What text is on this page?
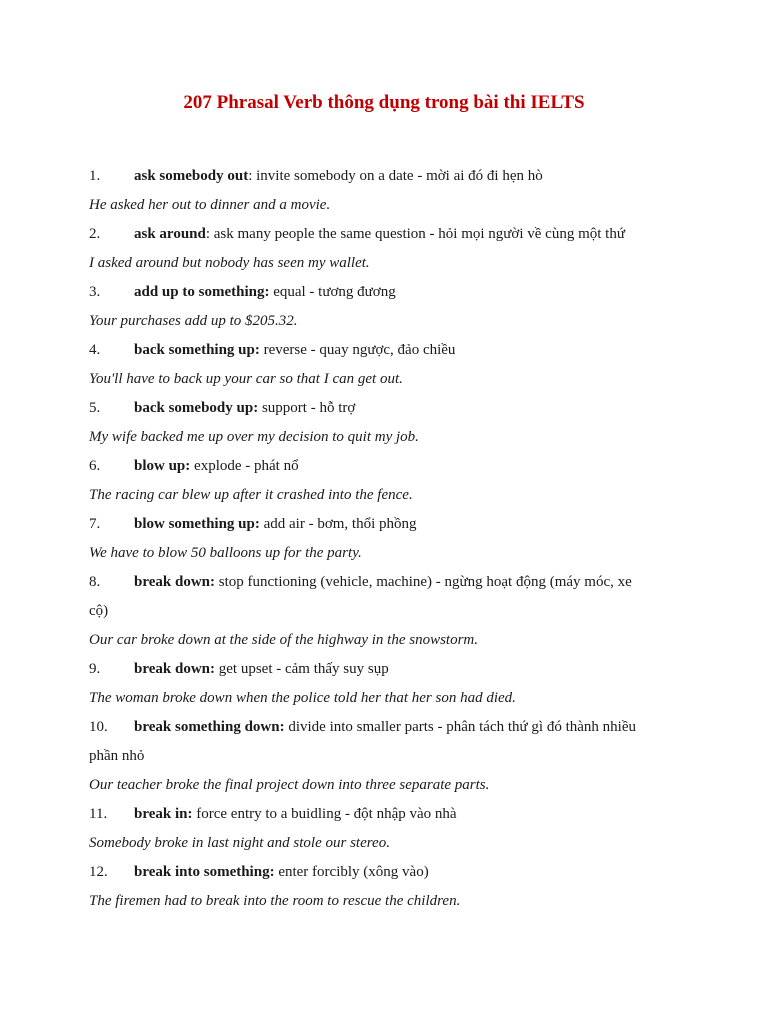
207 Phrasal Verb thông dụng trong bài thi IELTS
1. ask somebody out: invite somebody on a date - mời ai đó đi hẹn hò
He asked her out to dinner and a movie.
2. ask around: ask many people the same question - hỏi mọi người về cùng một thứ
I asked around but nobody has seen my wallet.
3. add up to something: equal - tương đương
Your purchases add up to $205.32.
4. back something up: reverse - quay ngược, đảo chiều
You'll have to back up your car so that I can get out.
5. back somebody up: support - hỗ trợ
My wife backed me up over my decision to quit my job.
6. blow up: explode - phát nổ
The racing car blew up after it crashed into the fence.
7. blow something up: add air - bơm, thổi phồng
We have to blow 50 balloons up for the party.
8. break down: stop functioning (vehicle, machine) - ngừng hoạt động (máy móc, xe
cộ)
Our car broke down at the side of the highway in the snowstorm.
9. break down: get upset - cảm thấy suy sụp
The woman broke down when the police told her that her son had died.
10. break something down: divide into smaller parts - phân tách thứ gì đó thành nhiều
phần nhỏ
Our teacher broke the final project down into three separate parts.
11. break in: force entry to a buidling - đột nhập vào nhà
Somebody broke in last night and stole our stereo.
12. break into something: enter forcibly (xông vào)
The firemen had to break into the room to rescue the children.
